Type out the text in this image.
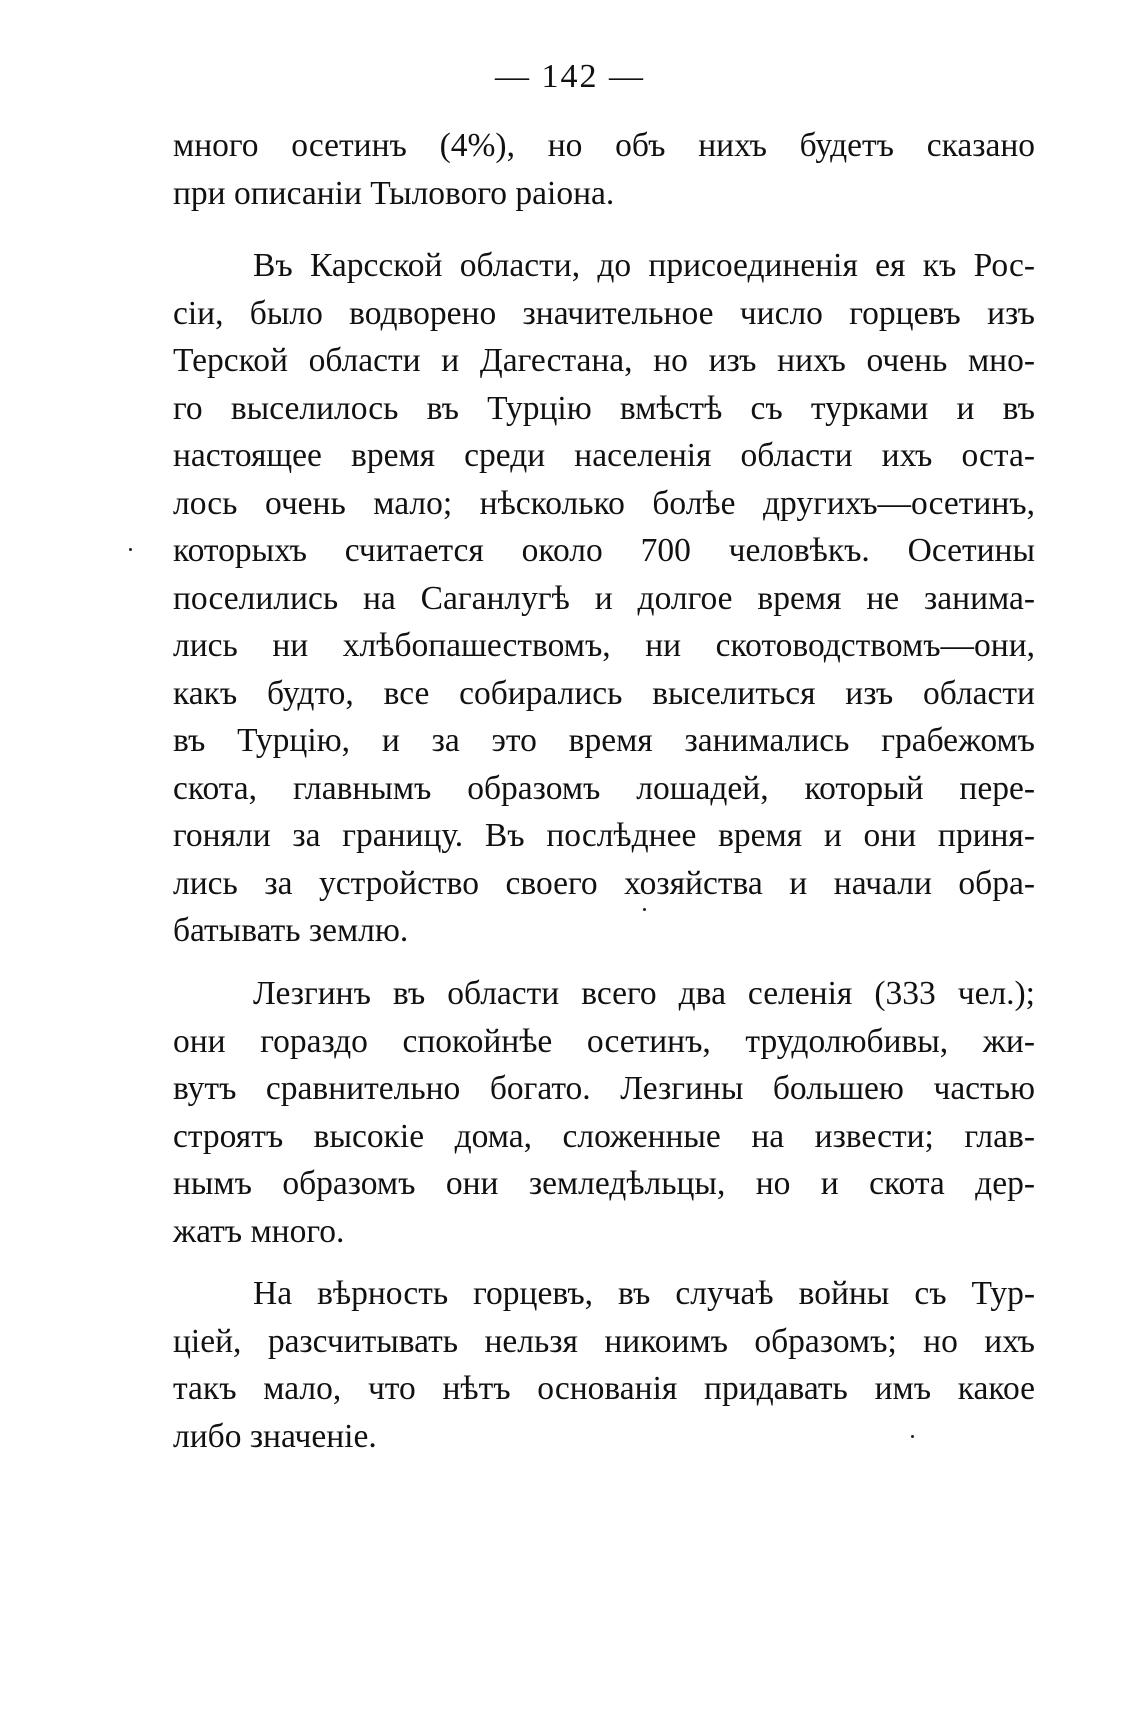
— 142 —
много осетинъ (4%), но объ нихъ будетъ сказано
при описаніи Тылового раіона.
Въ Карсской области, до присоединенія ея къ Рос-
сіи, было водворено значительное число горцевъ изъ
Терской области и Дагестана, но изъ нихъ очень мно-
го выселилось въ Турцію вмѣстѣ съ турками и въ
настоящее время среди населенія области ихъ оста-
лось очень мало; нѣсколько болѣе другихъ—осетинъ,
которыхъ считается около 700 человѣкъ. Осетины
поселились на Саганлугѣ и долгое время не занима-
лись ни хлѣбопашествомъ, ни скотоводствомъ—они,
какъ будто, все собирались выселиться изъ области
въ Турцію, и за это время занимались грабежомъ
скота, главнымъ образомъ лошадей, который пере-
гоняли за границу. Въ послѣднее время и они приня-
лись за устройство своего хозяйства и начали обра-
батывать землю.
Лезгинъ въ области всего два селенія (333 чел.);
они гораздо спокойнѣе осетинъ, трудолюбивы, жи-
вутъ сравнительно богато. Лезгины большею частью
строятъ высокіе дома, сложенные на извести; глав-
нымъ образомъ они земледѣльцы, но и скота дер-
жатъ много.
На вѣрность горцевъ, въ случаѣ войны съ Тур-
ціей, разсчитывать нельзя никоимъ образомъ; но ихъ
такъ мало, что нѣтъ основанія придавать имъ какое
либо значеніе.
